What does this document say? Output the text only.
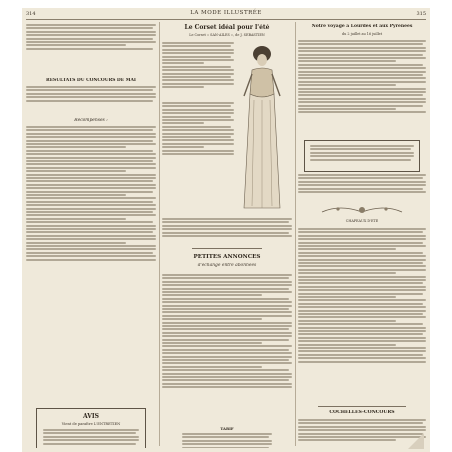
314	LA MODE ILLUSTRÉE	315
RÉSULTATS DU CONCOURS DE MAI
Récompenses :
AVIS
Vient de paraître L'ENTRETIEN
Le Corset idéal pour l'été
Le Corset « SAN-AILES », de J. SEBASTIEN
PETITES ANNONCES
d'échange entre abonnées
TARIF
Notre voyage à Lourdes et aux Pyrénées
du 2 juillet au 16 juillet
CHAPEAUX D'ÉTÉ
COCHELLES-CONCOURS
